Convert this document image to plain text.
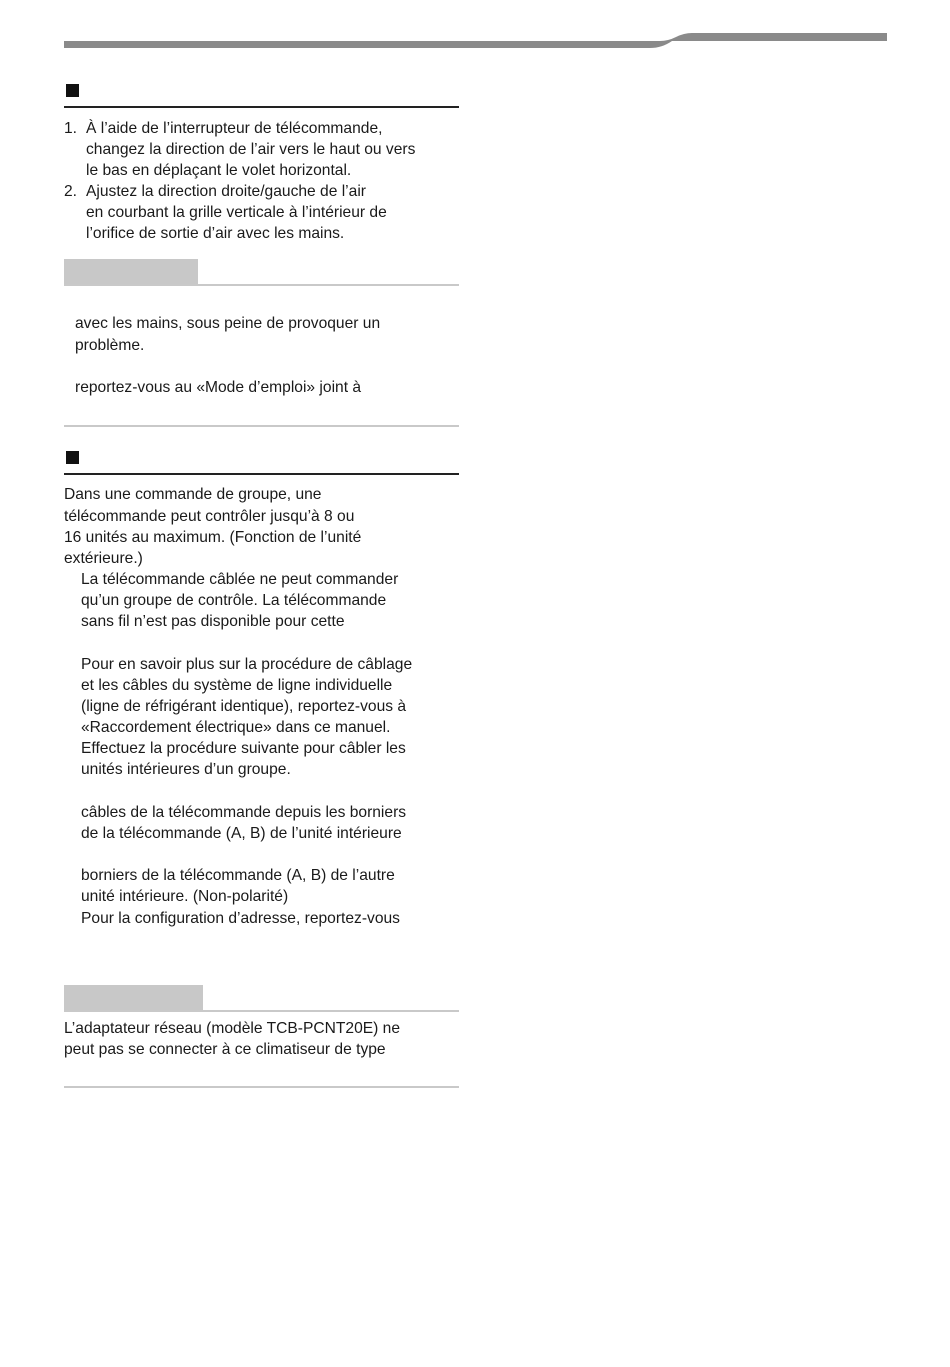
1. À l’aide de l’interrupteur de télécommande,
changez la direction de l’air vers le haut ou vers
le bas en déplaçant le volet horizontal.
2. Ajustez la direction droite/gauche de l’air
en courbant la grille verticale à l’intérieur de
l’orifice de sortie d’air avec les mains.
avec les mains, sous peine de provoquer un
problème.
reportez-vous au «Mode d’emploi» joint à
Dans une commande de groupe, une
télécommande peut contrôler jusqu’à 8 ou
16 unités au maximum. (Fonction de l’unité
extérieure.)
La télécommande câblée ne peut commander
qu’un groupe de contrôle. La télécommande
sans fil n’est pas disponible pour cette
Pour en savoir plus sur la procédure de câblage
et les câbles du système de ligne individuelle
(ligne de réfrigérant identique), reportez-vous à
«Raccordement électrique» dans ce manuel.
Effectuez la procédure suivante pour câbler les
unités intérieures d’un groupe.
câbles de la télécommande depuis les borniers
de la télécommande (A, B) de l’unité intérieure
borniers de la télécommande (A, B) de l’autre
unité intérieure. (Non-polarité)
Pour la configuration d’adresse, reportez-vous
L’adaptateur réseau (modèle TCB-PCNT20E) ne
peut pas se connecter à ce climatiseur de type
